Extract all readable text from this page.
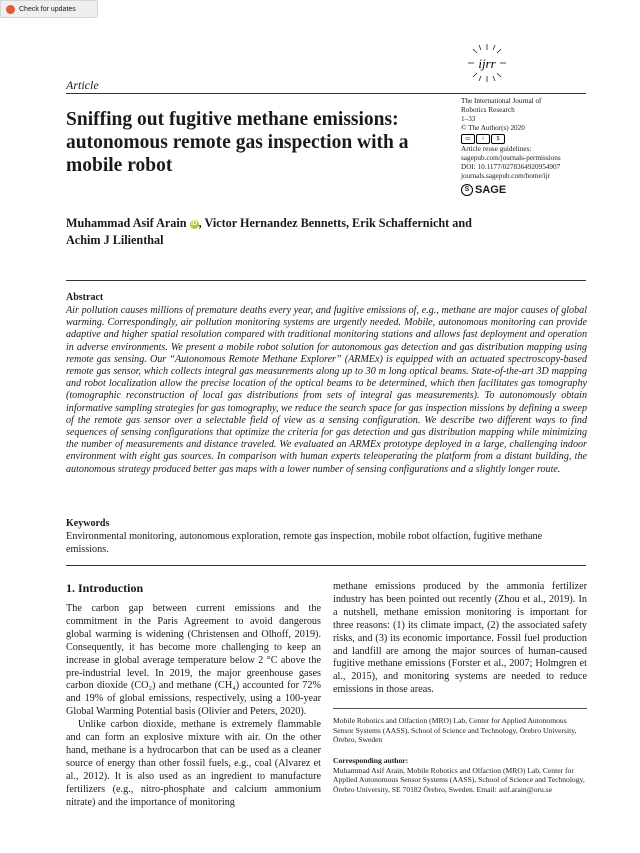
Check for updates
Article
Sniffing out fugitive methane emissions: autonomous remote gas inspection with a mobile robot
ijrr
The International Journal of
Robotics Research
1–33
© The Author(s) 2020
cc	i	$
Article reuse guidelines:
sagepub.com/journals-permissions
DOI: 10.1177/0278364920954907
journals.sagepub.com/home/ijr
S SAGE
Muhammad Asif Arain iD , Victor Hernandez Bennetts, Erik Schaffernicht and
Achim J Lilienthal
Abstract
Air pollution causes millions of premature deaths every year, and fugitive emissions of, e.g., methane are major causes of global warming. Correspondingly, air pollution monitoring systems are urgently needed. Mobile, autonomous monitoring can provide adaptive and higher spatial resolution compared with traditional monitoring stations and allows fast deployment and operation in adverse environments. We present a mobile robot solution for autonomous gas detection and gas distribution mapping using remote gas sensing. Our “Autonomous Remote Methane Explorer” (ARMEx) is equipped with an actuated spectroscopy-based remote gas sensor, which collects integral gas measurements along up to 30 m long optical beams. State-of-the-art 3D mapping and robot localization allow the precise location of the optical beams to be determined, which then facilitates gas tomography (tomographic reconstruction of local gas distributions from sets of integral gas measurements). To autonomously obtain informative sampling strategies for gas tomography, we reduce the search space for gas inspection missions by defining a sweep of the remote gas sensor over a selectable field of view as a sensing configuration. We describe two different ways to find sequences of sensing configurations that optimize the criteria for gas detection and gas distribution mapping while minimizing the number of measurements and distance traveled. We evaluated an ARMEx prototype deployed in a large, challenging indoor environment with eight gas sources. In comparison with human experts teleoperating the platform from a distant building, the autonomous strategy produced better gas maps with a lower number of sensing configurations and a slightly longer route.
Keywords
Environmental monitoring, autonomous exploration, remote gas inspection, mobile robot olfaction, fugitive methane emissions.
1. Introduction

The carbon gap between current emissions and the commitment in the Paris Agreement to avoid dangerous global warming is widening (Christensen and Olhoff, 2019). Consequently, it has become more challenging to keep an increase in global average temperature below 2 °C above the pre-industrial level. In 2019, the major greenhouse gases carbon dioxide (CO₂) and methane (CH₄) accounted for 72% and 19% of global emissions, respectively, using a 100-year Global Warming Potential basis (Olivier and Peters, 2020).

Unlike carbon dioxide, methane is extremely flammable and can form an explosive mixture with air. On the other hand, methane is a hydrocarbon that can be used as a cleaner source of energy than other fossil fuels, e.g., coal (Alvarez et al., 2012). It is also used as an ingredient to manufacture fertilizers (e.g., nitro-phosphate and calcium ammonium nitrate) and the importance of monitoring

methane emissions produced by the ammonia fertilizer industry has been pointed out recently (Zhou et al., 2019). In a nutshell, methane emission monitoring is important for three reasons: (1) its climate impact, (2) the associated safety risks, and (3) its economic importance. Fossil fuel production and landfill are among the major sources of human-caused fugitive methane emissions (Forster et al., 2007; Holmgren et al., 2015), and monitoring systems are needed to reduce emissions in those areas.

Mobile Robotics and Olfaction (MRO) Lab, Center for Applied Autonomous Sensor Systems (AASS), School of Science and Technology, Örebro University, Örebro, Sweden
Corresponding author:
Muhammad Asif Arain, Mobile Robotics and Olfaction (MRO) Lab, Center for Applied Autonomous Sensor Systems (AASS), School of Science and Technology, Örebro University, SE 70182 Örebro, Sweden. Email: asif.arain@oru.se
